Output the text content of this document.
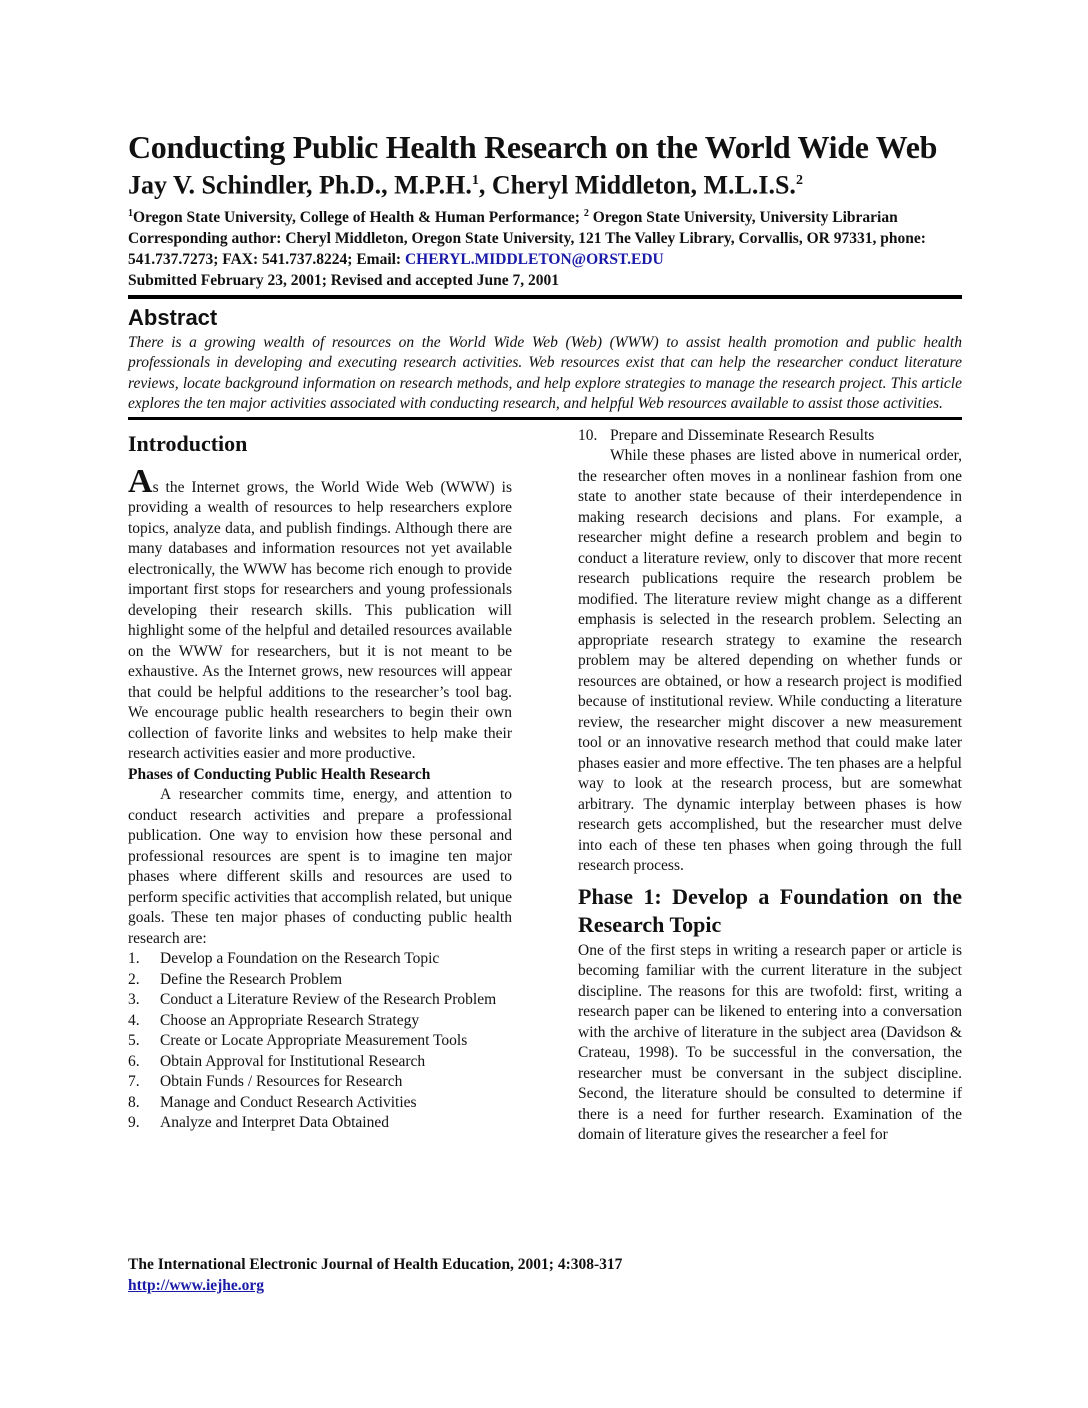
Conducting Public Health Research on the World Wide Web
Jay V. Schindler, Ph.D., M.P.H.$^1$, Cheryl Middleton, M.L.I.S.$^2$
$^1$Oregon State University, College of Health & Human Performance; $^2$ Oregon State University, University Librarian
Corresponding author: Cheryl Middleton, Oregon State University, 121 The Valley Library, Corvallis, OR 97331, phone: 541.737.7273; FAX: 541.737.8224; Email: CHERYL.MIDDLETON@ORST.EDU
Submitted February 23, 2001; Revised and accepted June 7, 2001
Abstract

There is a growing wealth of resources on the World Wide Web (Web) (WWW) to assist health promotion and public health professionals in developing and executing research activities. Web resources exist that can help the researcher conduct literature reviews, locate background information on research methods, and help explore strategies to manage the research project. This article explores the ten major activities associated with conducting research, and helpful Web resources available to assist those activities.

Introduction

As the Internet grows, the World Wide Web (WWW) is providing a wealth of resources to help researchers explore topics, analyze data, and publish findings. Although there are many databases and information resources not yet available electronically, the WWW has become rich enough to provide important first stops for researchers and young professionals developing their research skills. This publication will highlight some of the helpful and detailed resources available on the WWW for researchers, but it is not meant to be exhaustive. As the Internet grows, new resources will appear that could be helpful additions to the researcher’s tool bag. We encourage public health researchers to begin their own collection of favorite links and websites to help make their research activities easier and more productive.

Phases of Conducting Public Health Research

A researcher commits time, energy, and attention to conduct research activities and prepare a professional publication. One way to envision how these personal and professional resources are spent is to imagine ten major phases where different skills and resources are used to perform specific activities that accomplish related, but unique goals. These ten major phases of conducting public health research are:

1.	Develop a Foundation on the Research Topic
2.	Define the Research Problem
3.	Conduct a Literature Review of the Research Problem
4.	Choose an Appropriate Research Strategy
5.	Create or Locate Appropriate Measurement Tools
6.	Obtain Approval for Institutional Research
7.	Obtain Funds / Resources for Research
8.	Manage and Conduct Research Activities
9.	Analyze and Interpret Data Obtained
10. Prepare and Disseminate Research Results

While these phases are listed above in numerical order, the researcher often moves in a nonlinear fashion from one state to another state because of their interdependence in making research decisions and plans. For example, a researcher might define a research problem and begin to conduct a literature review, only to discover that more recent research publications require the research problem be modified. The literature review might change as a different emphasis is selected in the research problem. Selecting an appropriate research strategy to examine the research problem may be altered depending on whether funds or resources are obtained, or how a research project is modified because of institutional review. While conducting a literature review, the researcher might discover a new measurement tool or an innovative research method that could make later phases easier and more effective. The ten phases are a helpful way to look at the research process, but are somewhat arbitrary. The dynamic interplay between phases is how research gets accomplished, but the researcher must delve into each of these ten phases when going through the full research process.

Phase 1: Develop a Foundation on the Research Topic

One of the first steps in writing a research paper or article is becoming familiar with the current literature in the subject discipline. The reasons for this are twofold: first, writing a research paper can be likened to entering into a conversation with the archive of literature in the subject area (Davidson & Crateau, 1998). To be successful in the conversation, the researcher must be conversant in the subject discipline. Second, the literature should be consulted to determine if there is a need for further research. Examination of the domain of literature gives the researcher a feel for

The International Electronic Journal of Health Education, 2001; 4:308-317
http://www.iejhe.org
